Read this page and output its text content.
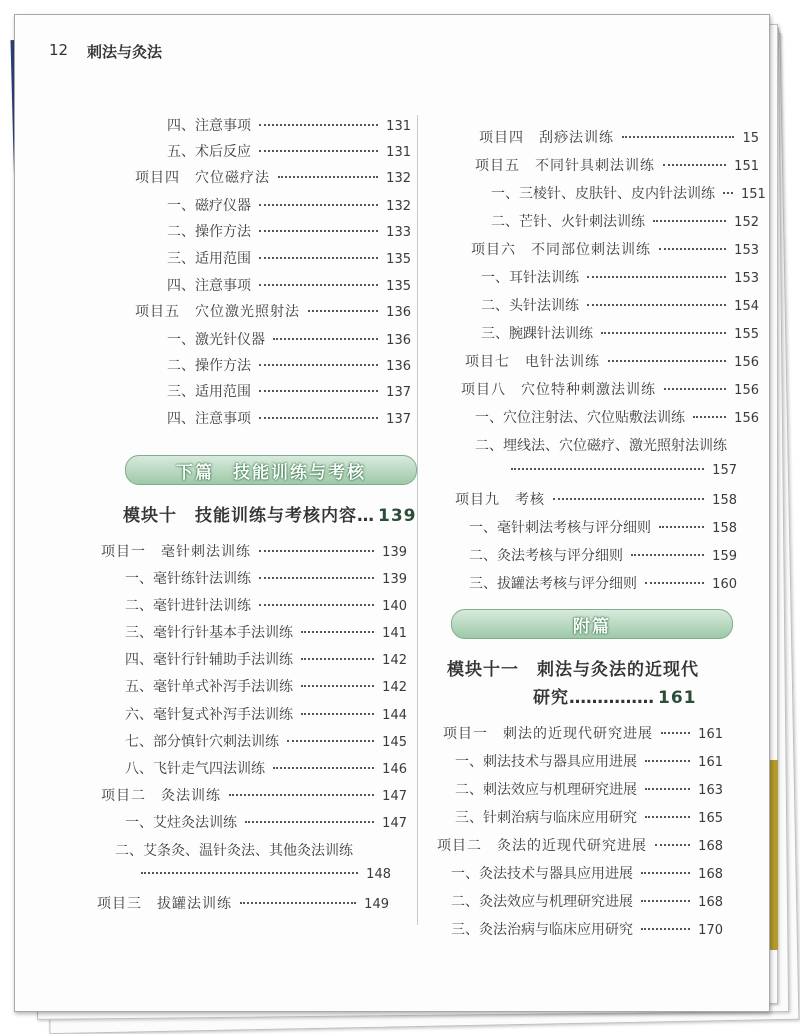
12 刺法与灸法
四、注意事项	131
五、术后反应	131
项目四　穴位磁疗法	132
一、磁疗仪器	132
二、操作方法	133
三、适用范围	135
四、注意事项	135
项目五　穴位激光照射法	136
一、激光针仪器	136
二、操作方法	136
三、适用范围	137
四、注意事项	137
下篇　技能训练与考核
模块十　技能训练与考核内容… 139
项目一　毫针刺法训练	139
一、毫针练针法训练	139
二、毫针进针法训练	140
三、毫针行针基本手法训练	141
四、毫针行针辅助手法训练	142
五、毫针单式补泻手法训练	142
六、毫针复式补泻手法训练	144
七、部分慎针穴刺法训练	145
八、飞针走气四法训练	146
项目二　灸法训练	147
一、艾炷灸法训练	147
二、艾条灸、温针灸法、其他灸法训练
148
项目三　拔罐法训练	149
项目四　刮痧法训练	15
项目五　不同针具刺法训练	151
一、三棱针、皮肤针、皮内针法训练 151
二、芒针、火针刺法训练	152
项目六　不同部位刺法训练	153
一、耳针法训练	153
二、头针法训练	154
三、腕踝针法训练	155
项目七　电针法训练	156
项目八　穴位特种刺激法训练	156
一、穴位注射法、穴位贴敷法训练	156
二、埋线法、穴位磁疗、激光照射法训练
157
项目九　考核	158
一、毫针刺法考核与评分细则	158
二、灸法考核与评分细则	159
三、拔罐法考核与评分细则	160
附篇
模块十一　刺法与灸法的近现代
研究…………… 161
项目一　刺法的近现代研究进展	161
一、刺法技术与器具应用进展	161
二、刺法效应与机理研究进展	163
三、针刺治病与临床应用研究	165
项目二　灸法的近现代研究进展	168
一、灸法技术与器具应用进展	168
二、灸法效应与机理研究进展	168
三、灸法治病与临床应用研究	170
